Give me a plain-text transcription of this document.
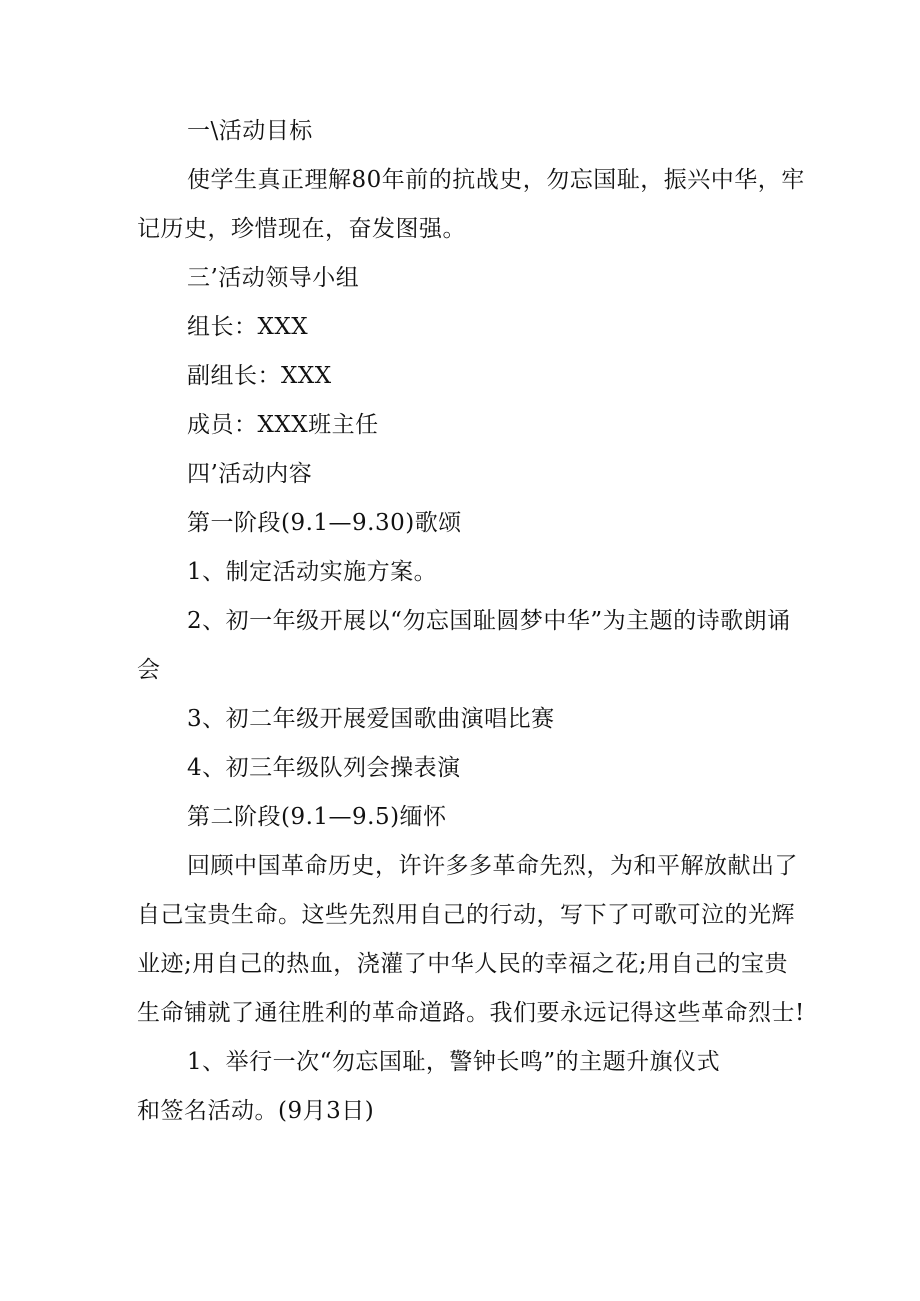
一\活动目标
使学生真正理解80年前的抗战史，勿忘国耻，振兴中华，牢
记历史，珍惜现在，奋发图强。
三’活动领导小组
组长：XXX
副组长：XXX
成员：XXX班主任
四’活动内容
第一阶段(9.1—9.30)歌颂
1、制定活动实施方案。
2、初一年级开展以“勿忘国耻圆梦中华”为主题的诗歌朗诵
会
3、初二年级开展爱国歌曲演唱比赛
4、初三年级队列会操表演
第二阶段(9.1—9.5)缅怀
回顾中国革命历史，许许多多革命先烈，为和平解放献出了
自己宝贵生命。这些先烈用自己的行动，写下了可歌可泣的光辉
业迹;用自己的热血，浇灌了中华人民的幸福之花;用自己的宝贵
生命铺就了通往胜利的革命道路。我们要永远记得这些革命烈士!
1、举行一次“勿忘国耻，警钟长鸣”的主题升旗仪式
和签名活动。(9月3日)
